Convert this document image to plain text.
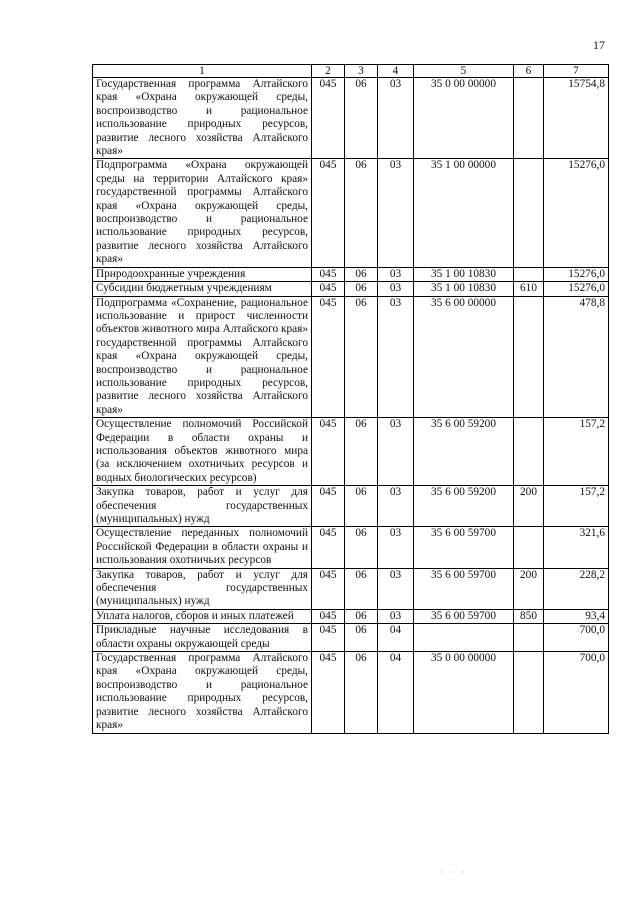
17
1	2	3	4	5	6	7
Государственная программа Алтайского края «Охрана окружающей среды, воспроизводство и рациональное использование природных ресурсов, развитие лесного хозяйства Алтайского края»	045	06	03	35 0 00 00000		15754,8
Подпрограмма «Охрана окружающей среды на территории Алтайского края» государственной программы Алтайского края «Охрана окружающей среды, воспроизводство и рациональное использование природных ресурсов, развитие лесного хозяйства Алтайского края»	045	06	03	35 1 00 00000		15276,0
Природоохранные учреждения	045	06	03	35 1 00 10830		15276,0
Субсидии бюджетным учреждениям	045	06	03	35 1 00 10830	610	15276,0
Подпрограмма «Сохранение, рациональное использование и прирост численности объектов животного мира Алтайского края» государственной программы Алтайского края «Охрана окружающей среды, воспроизводство и рациональное использование природных ресурсов, развитие лесного хозяйства Алтайского края»	045	06	03	35 6 00 00000		478,8
Осуществление полномочий Российской Федерации в области охраны и использования объектов животного мира (за исключением охотничьих ресурсов и водных биологических ресурсов)	045	06	03	35 6 00 59200		157,2
Закупка товаров, работ и услуг для обеспечения государственных (муниципальных) нужд	045	06	03	35 6 00 59200	200	157,2
Осуществление переданных полномочий Российской Федерации в области охраны и использования охотничьих ресурсов	045	06	03	35 6 00 59700		321,6
Закупка товаров, работ и услуг для обеспечения государственных (муниципальных) нужд	045	06	03	35 6 00 59700	200	228,2
Уплата налогов, сборов и иных платежей	045	06	03	35 6 00 59700	850	93,4
Прикладные научные исследования в области охраны окружающей среды	045	06	04			700,0
Государственная программа Алтайского края «Охрана окружающей среды, воспроизводство и рациональное использование природных ресурсов, развитие лесного хозяйства Алтайского края»	045	06	04	35 0 00 00000		700,0
· ·· ·
